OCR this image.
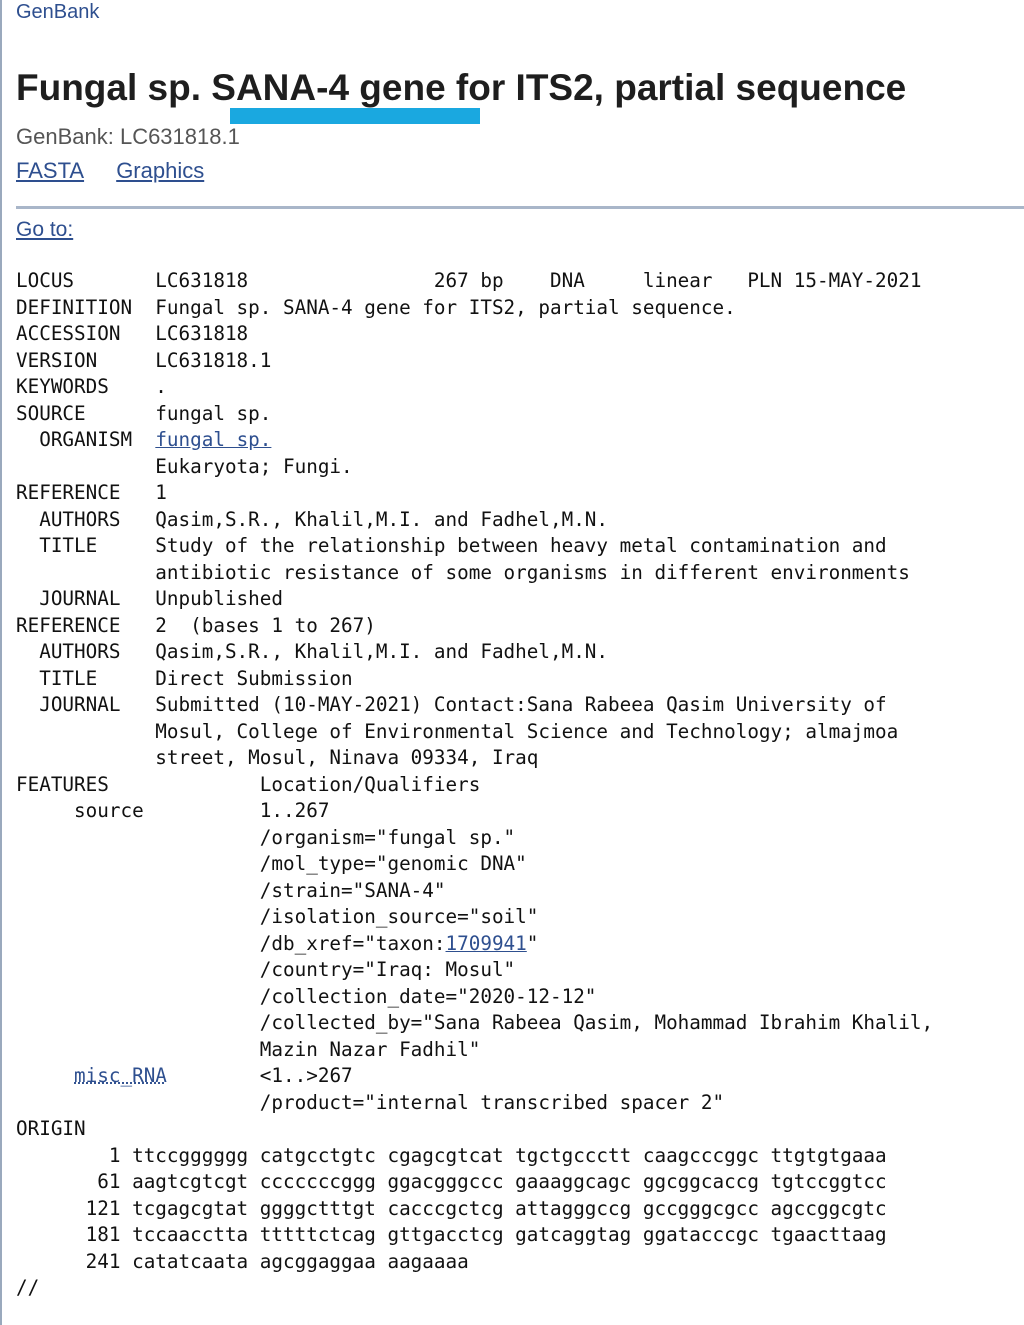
GenBank
Fungal sp. SANA-4 gene for ITS2, partial sequence
GenBank: LC631818.1
FASTA Graphics
Go to:
LOCUS       LC631818                267 bp    DNA     linear   PLN 15-MAY-2021
DEFINITION  Fungal sp. SANA-4 gene for ITS2, partial sequence.
ACCESSION   LC631818
VERSION     LC631818.1
KEYWORDS    .
SOURCE      fungal sp.
ORGANISM  fungal sp.
Eukaryota; Fungi.
REFERENCE   1
AUTHORS   Qasim,S.R., Khalil,M.I. and Fadhel,M.N.
TITLE     Study of the relationship between heavy metal contamination and
antibiotic resistance of some organisms in different environments
JOURNAL   Unpublished
REFERENCE   2  (bases 1 to 267)
AUTHORS   Qasim,S.R., Khalil,M.I. and Fadhel,M.N.
TITLE     Direct Submission
JOURNAL   Submitted (10-MAY-2021) Contact:Sana Rabeea Qasim University of
Mosul, College of Environmental Science and Technology; almajmoa
street, Mosul, Ninava 09334, Iraq
FEATURES             Location/Qualifiers
source          1..267
/organism="fungal sp."
/mol_type="genomic DNA"
/strain="SANA-4"
/isolation_source="soil"
/db_xref="taxon:1709941"
/country="Iraq: Mosul"
/collection_date="2020-12-12"
/collected_by="Sana Rabeea Qasim, Mohammad Ibrahim Khalil,
Mazin Nazar Fadhil"
misc_RNA        <1..>267
/product="internal transcribed spacer 2"
ORIGIN
1 ttccgggggg catgcctgtc cgagcgtcat tgctgccctt caagcccggc ttgtgtgaaa
61 aagtcgtcgt cccccccggg ggacgggccc gaaaggcagc ggcggcaccg tgtccggtcc
121 tcgagcgtat ggggctttgt cacccgctcg attagggccg gccgggcgcc agccggcgtc
181 tccaacctta tttttctcag gttgacctcg gatcaggtag ggatacccgc tgaacttaag
241 catatcaata agcggaggaa aagaaaa
//
